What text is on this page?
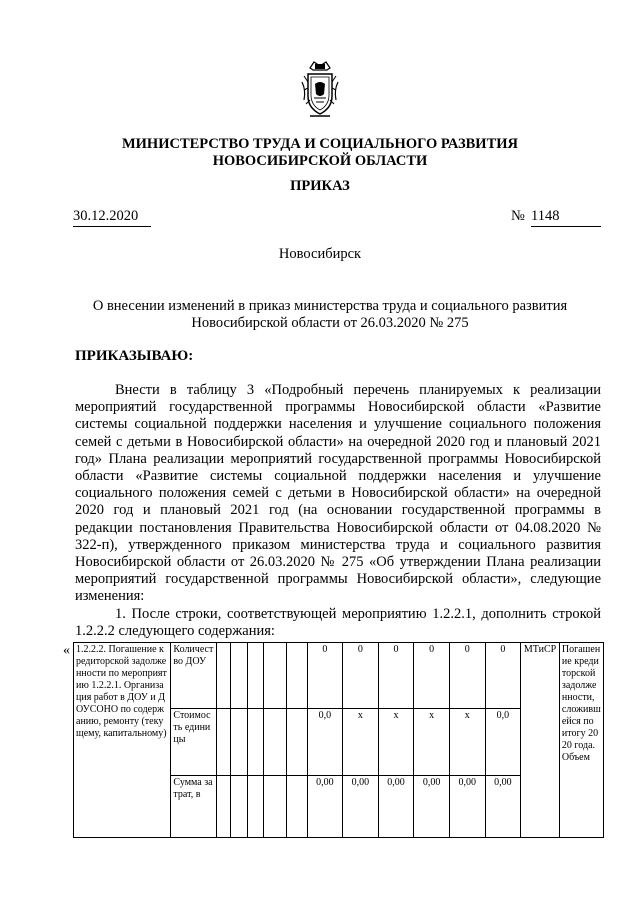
МИНИСТЕРСТВО ТРУДА И СОЦИАЛЬНОГО РАЗВИТИЯ
НОВОСИБИРСКОЙ ОБЛАСТИ
ПРИКАЗ
30.12.2020	№ 1148
Новосибирск
О внесении изменений в приказ министерства труда и социального развития
Новосибирской области от 26.03.2020 № 275
ПРИКАЗЫВАЮ:

Внести в таблицу 3 «Подробный перечень планируемых к реализации мероприятий государственной программы Новосибирской области «Развитие системы социальной поддержки населения и улучшение социального положения семей с детьми в Новосибирской области» на очередной 2020 год и плановый 2021 год» Плана реализации мероприятий государственной программы Новосибирской области «Развитие системы социальной поддержки населения и улучшение социального положения семей с детьми в Новосибирской области» на очередной 2020 год и плановый 2021 год (на основании государственной программы в редакции постановления Правительства Новосибирской области от 04.08.2020 № 322-п), утвержденного приказом министерства труда и социального развития Новосибирской области от 26.03.2020 № 275 «Об утверждении Плана реализации мероприятий государственной программы Новосибирской области», следующие изменения:

1. После строки, соответствующей мероприятию 1.2.2.1, дополнить строкой 1.2.2.2 следующего содержания:

« 1.2.2.2. Погашение кредиторской задолженности по мероприятию 1.2.2.1. Организация работ в ДОУ и ДОУСОНО по содержанию, ремонту (текущему, капитальному)	Количество ДОУ						0	0	0	0	0	0	МТиСР	Погашение кредиторской задолженности, сложившейся по итогу 2020 года. Объем
	Стоимость единицы						0,0	х	х	х	х	0,0		
	Сумма затрат, в						0,00	0,00	0,00	0,00	0,00	0,00		
